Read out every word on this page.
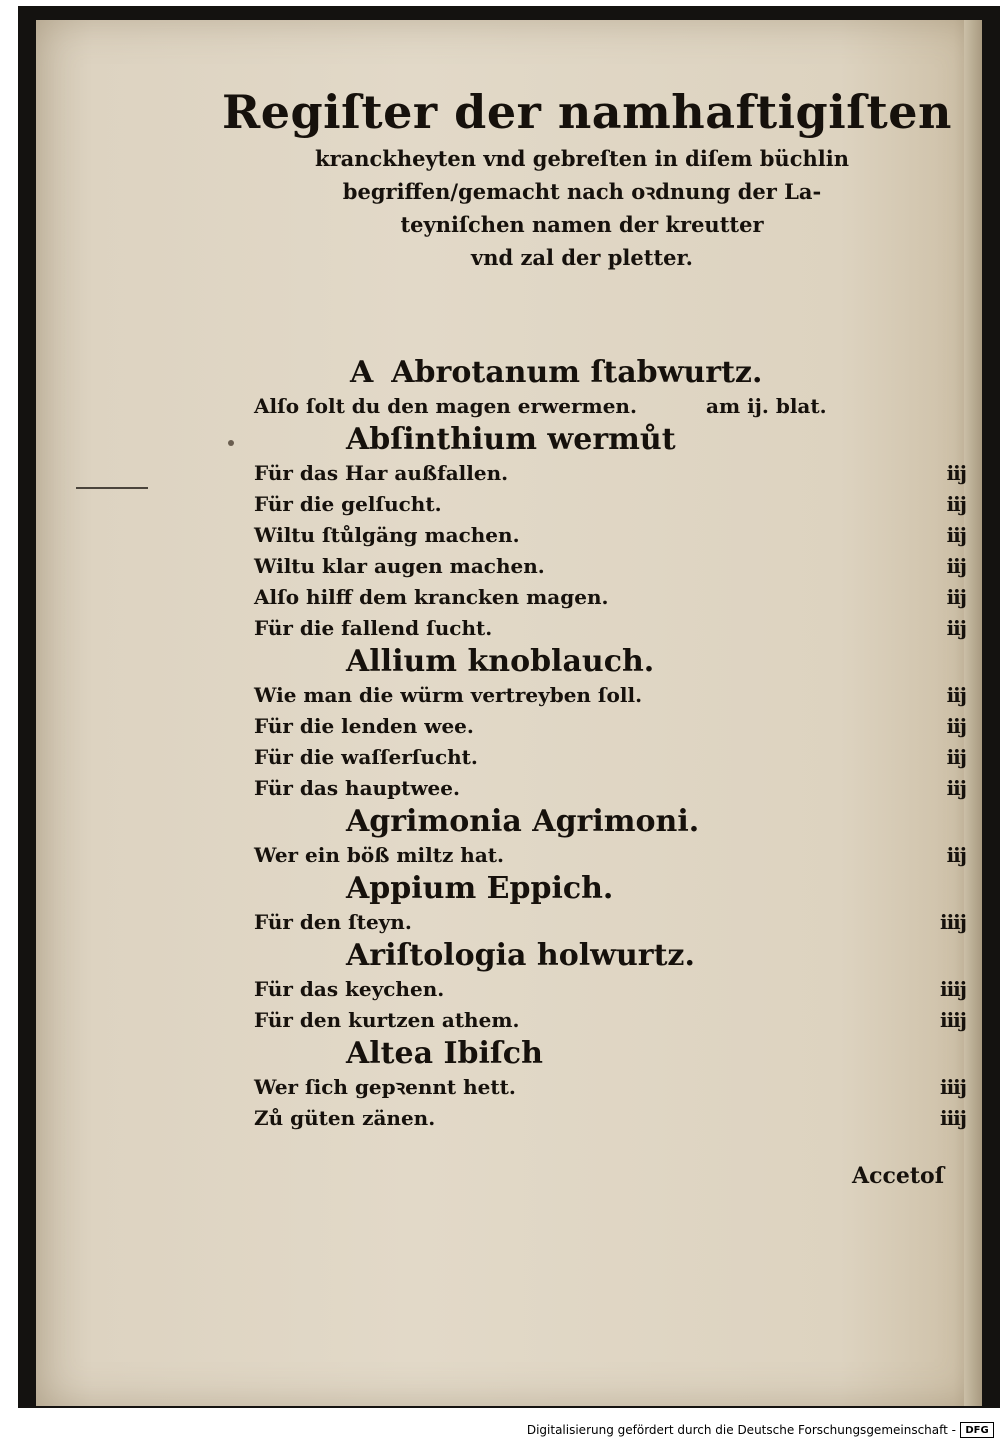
Regiſter der namhaftigiſten
kranckheyten vnd gebreſten in diſem büchlin
begriffen/gemacht nach oꝛdnung der La-
teyniſchen namen der kreutter
vnd zal der pletter.
A Abrotanum ſtabwurtz.
Alſo ſolt du den magen erwermen.	am ij. blat.
Abſinthium wermůt
Für das Har außfallen.	iij
Für die gelſucht.	iij
Wiltu ſtůlgäng machen.	iij
Wiltu klar augen machen.	iij
Alſo hilff dem krancken magen.	iij
Für die fallend ſucht.	iij
Allium knoblauch.
Wie man die würm vertreyben ſoll.	iij
Für die lenden wee.	iij
Für die waſſerſucht.	iij
Für das hauptwee.	iij
Agrimonia Agrimoni.
Wer ein böß miltz hat.	iij
Appium Eppich.
Für den ſteyn.	iiij
Ariſtologia holwurtz.
Für das keychen.	iiij
Für den kurtzen athem.	iiij
Altea Ibiſch
Wer ſich gepꝛennt hett.	iiij
Zů güten zänen.	iiij
Accetoſ
Digitalisierung gefördert durch die Deutsche Forschungsgemeinschaft - DFG
